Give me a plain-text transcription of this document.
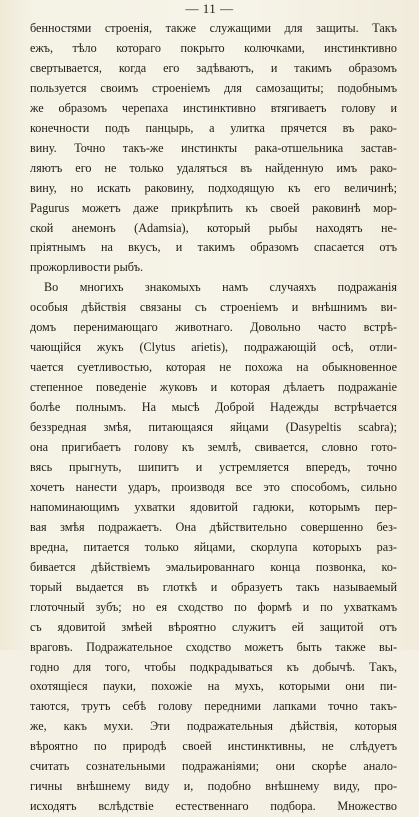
— 11 —
бенностями строенія, также служащими для защиты. Такъ
ежъ, тѣло котораго покрыто колючками, инстинктивно
свертывается, когда его задѣваютъ, и такимъ образомъ
пользуется своимъ строеніемъ для самозащиты; подобнымъ
же образомъ черепаха инстинктивно втягиваетъ голову и
конечности подъ панцырь, а улитка прячется въ рако-
вину. Точно такъ-же инстинкты рака-отшельника застав-
ляютъ его не только удаляться въ найденную имъ рако-
вину, но искать раковину, подходящую къ его величинѣ;
Pagurus можетъ даже прикрѣпить къ своей раковинѣ мор-
ской анемонъ (Adamsia), который рыбы находятъ не-
пріятнымъ на вкусъ, и такимъ образомъ спасается отъ
прожорливости рыбъ.
Во многихъ знакомыхъ намъ случаяхъ подражанія
особыя дѣйствія связаны съ строеніемъ и внѣшнимъ ви-
домъ перенимающаго животнаго. Довольно часто встрѣ-
чающійся жукъ (Clytus arietis), подражающій осѣ, отли-
чается суетливостью, которая не похожа на обыкновенное
степенное поведеніе жуковъ и которая дѣлаетъ подражаніе
болѣе полнымъ. На мысѣ Доброй Надежды встрѣчается
беззредная змѣя, питающаяся яйцами (Dasypeltis scabra);
она пригибаетъ голову къ землѣ, свивается, словно гото-
вясь прыгнуть, шипитъ и устремляется впередъ, точно
хочетъ нанести ударъ, производя все это способомъ, сильно
напоминающимъ ухватки ядовитой гадюки, которымъ пер-
вая змѣя подражаетъ. Она дѣйствительно совершенно без-
вредна, питается только яйцами, скорлупа которыхъ раз-
бивается дѣйствіемъ эмальированнаго конца позвонка, ко-
торый выдается въ глоткѣ и образуетъ такъ называемый
глоточный зубъ; но ея сходство по формѣ и по ухваткамъ
съ ядовитой змѣей вѣроятно служитъ ей защитой отъ
враговъ. Подражательное сходство можетъ быть также вы-
годно для того, чтобы подкрадываться къ добычѣ. Такъ,
охотящіеся пауки, похожіе на мухъ, которыми они пи-
таются, трутъ себѣ голову передними лапками точно такъ-
же, какъ мухи. Эти подражательныя дѣйствія, которыя
вѣроятно по природѣ своей инстинктивны, не слѣдуетъ
считать сознательными подражаніями; они скорѣе анало-
гичны внѣшнему виду и, подобно внѣшнему виду, про-
исходятъ вслѣдствіе естественнаго подбора. Множество
